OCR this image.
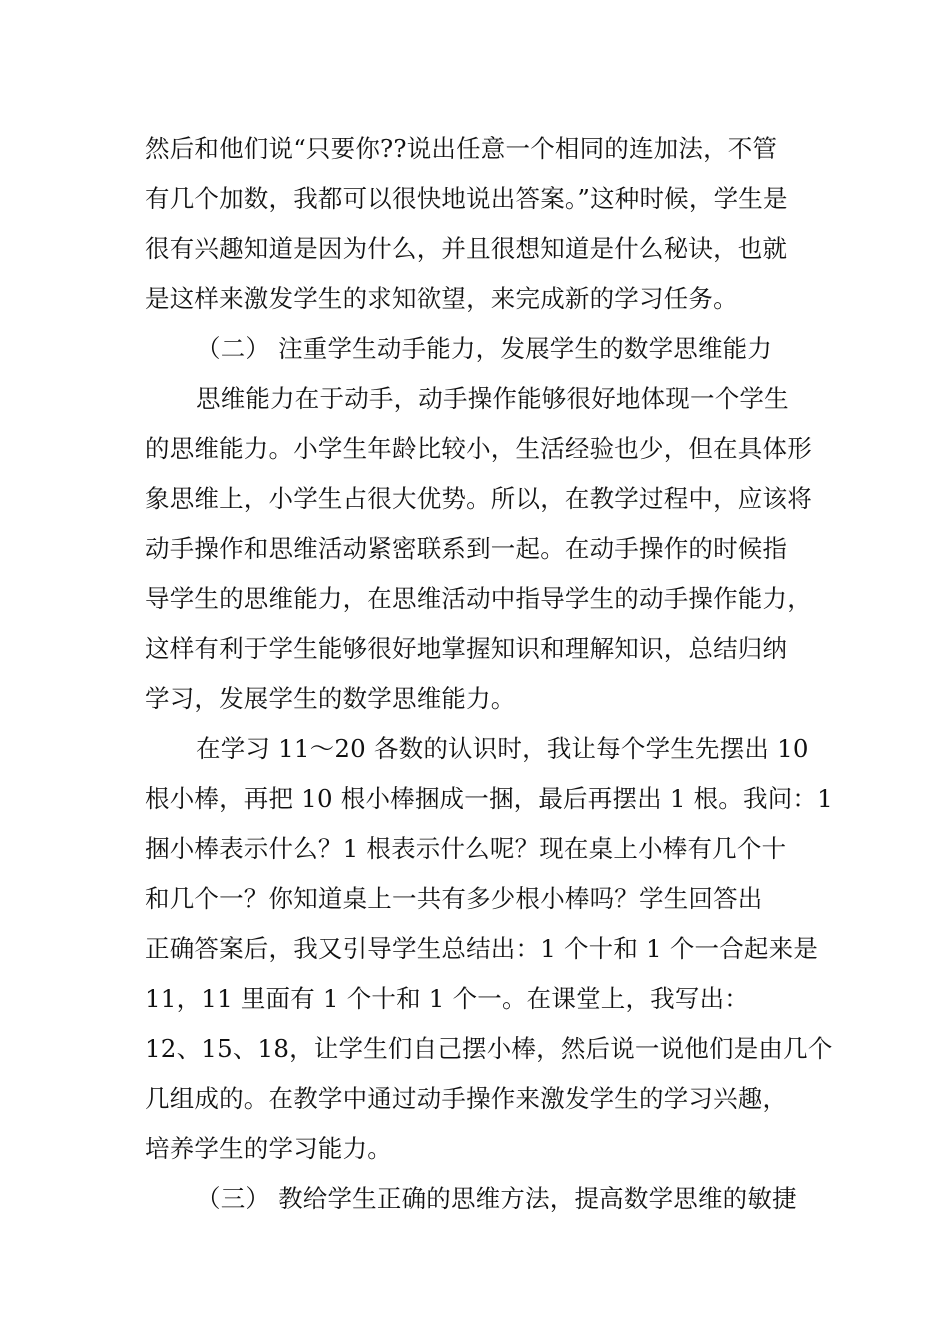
然后和他们说“只要你??说出任意一个相同的连加法，不管
有几个加数，我都可以很快地说出答案。”这种时候，学生是
很有兴趣知道是因为什么，并且很想知道是什么秘诀，也就
是这样来激发学生的求知欲望，来完成新的学习任务。
（二） 注重学生动手能力，发展学生的数学思维能力
思维能力在于动手，动手操作能够很好地体现一个学生
的思维能力。小学生年龄比较小，生活经验也少，但在具体形
象思维上，小学生占很大优势。所以，在教学过程中，应该将
动手操作和思维活动紧密联系到一起。在动手操作的时候指
导学生的思维能力，在思维活动中指导学生的动手操作能力，
这样有利于学生能够很好地掌握知识和理解知识，总结归纳
学习，发展学生的数学思维能力。
在学习 11～20 各数的认识时，我让每个学生先摆出 10
根小棒，再把 10 根小棒捆成一捆，最后再摆出 1 根。我问：1
捆小棒表示什么？1 根表示什么呢？现在桌上小棒有几个十
和几个一？你知道桌上一共有多少根小棒吗？学生回答出
正确答案后，我又引导学生总结出：1 个十和 1 个一合起来是
11，11 里面有 1 个十和 1 个一。在课堂上，我写出：
12、15、18，让学生们自己摆小棒，然后说一说他们是由几个
几组成的。在教学中通过动手操作来激发学生的学习兴趣，
培养学生的学习能力。
（三） 教给学生正确的思维方法，提高数学思维的敏捷
